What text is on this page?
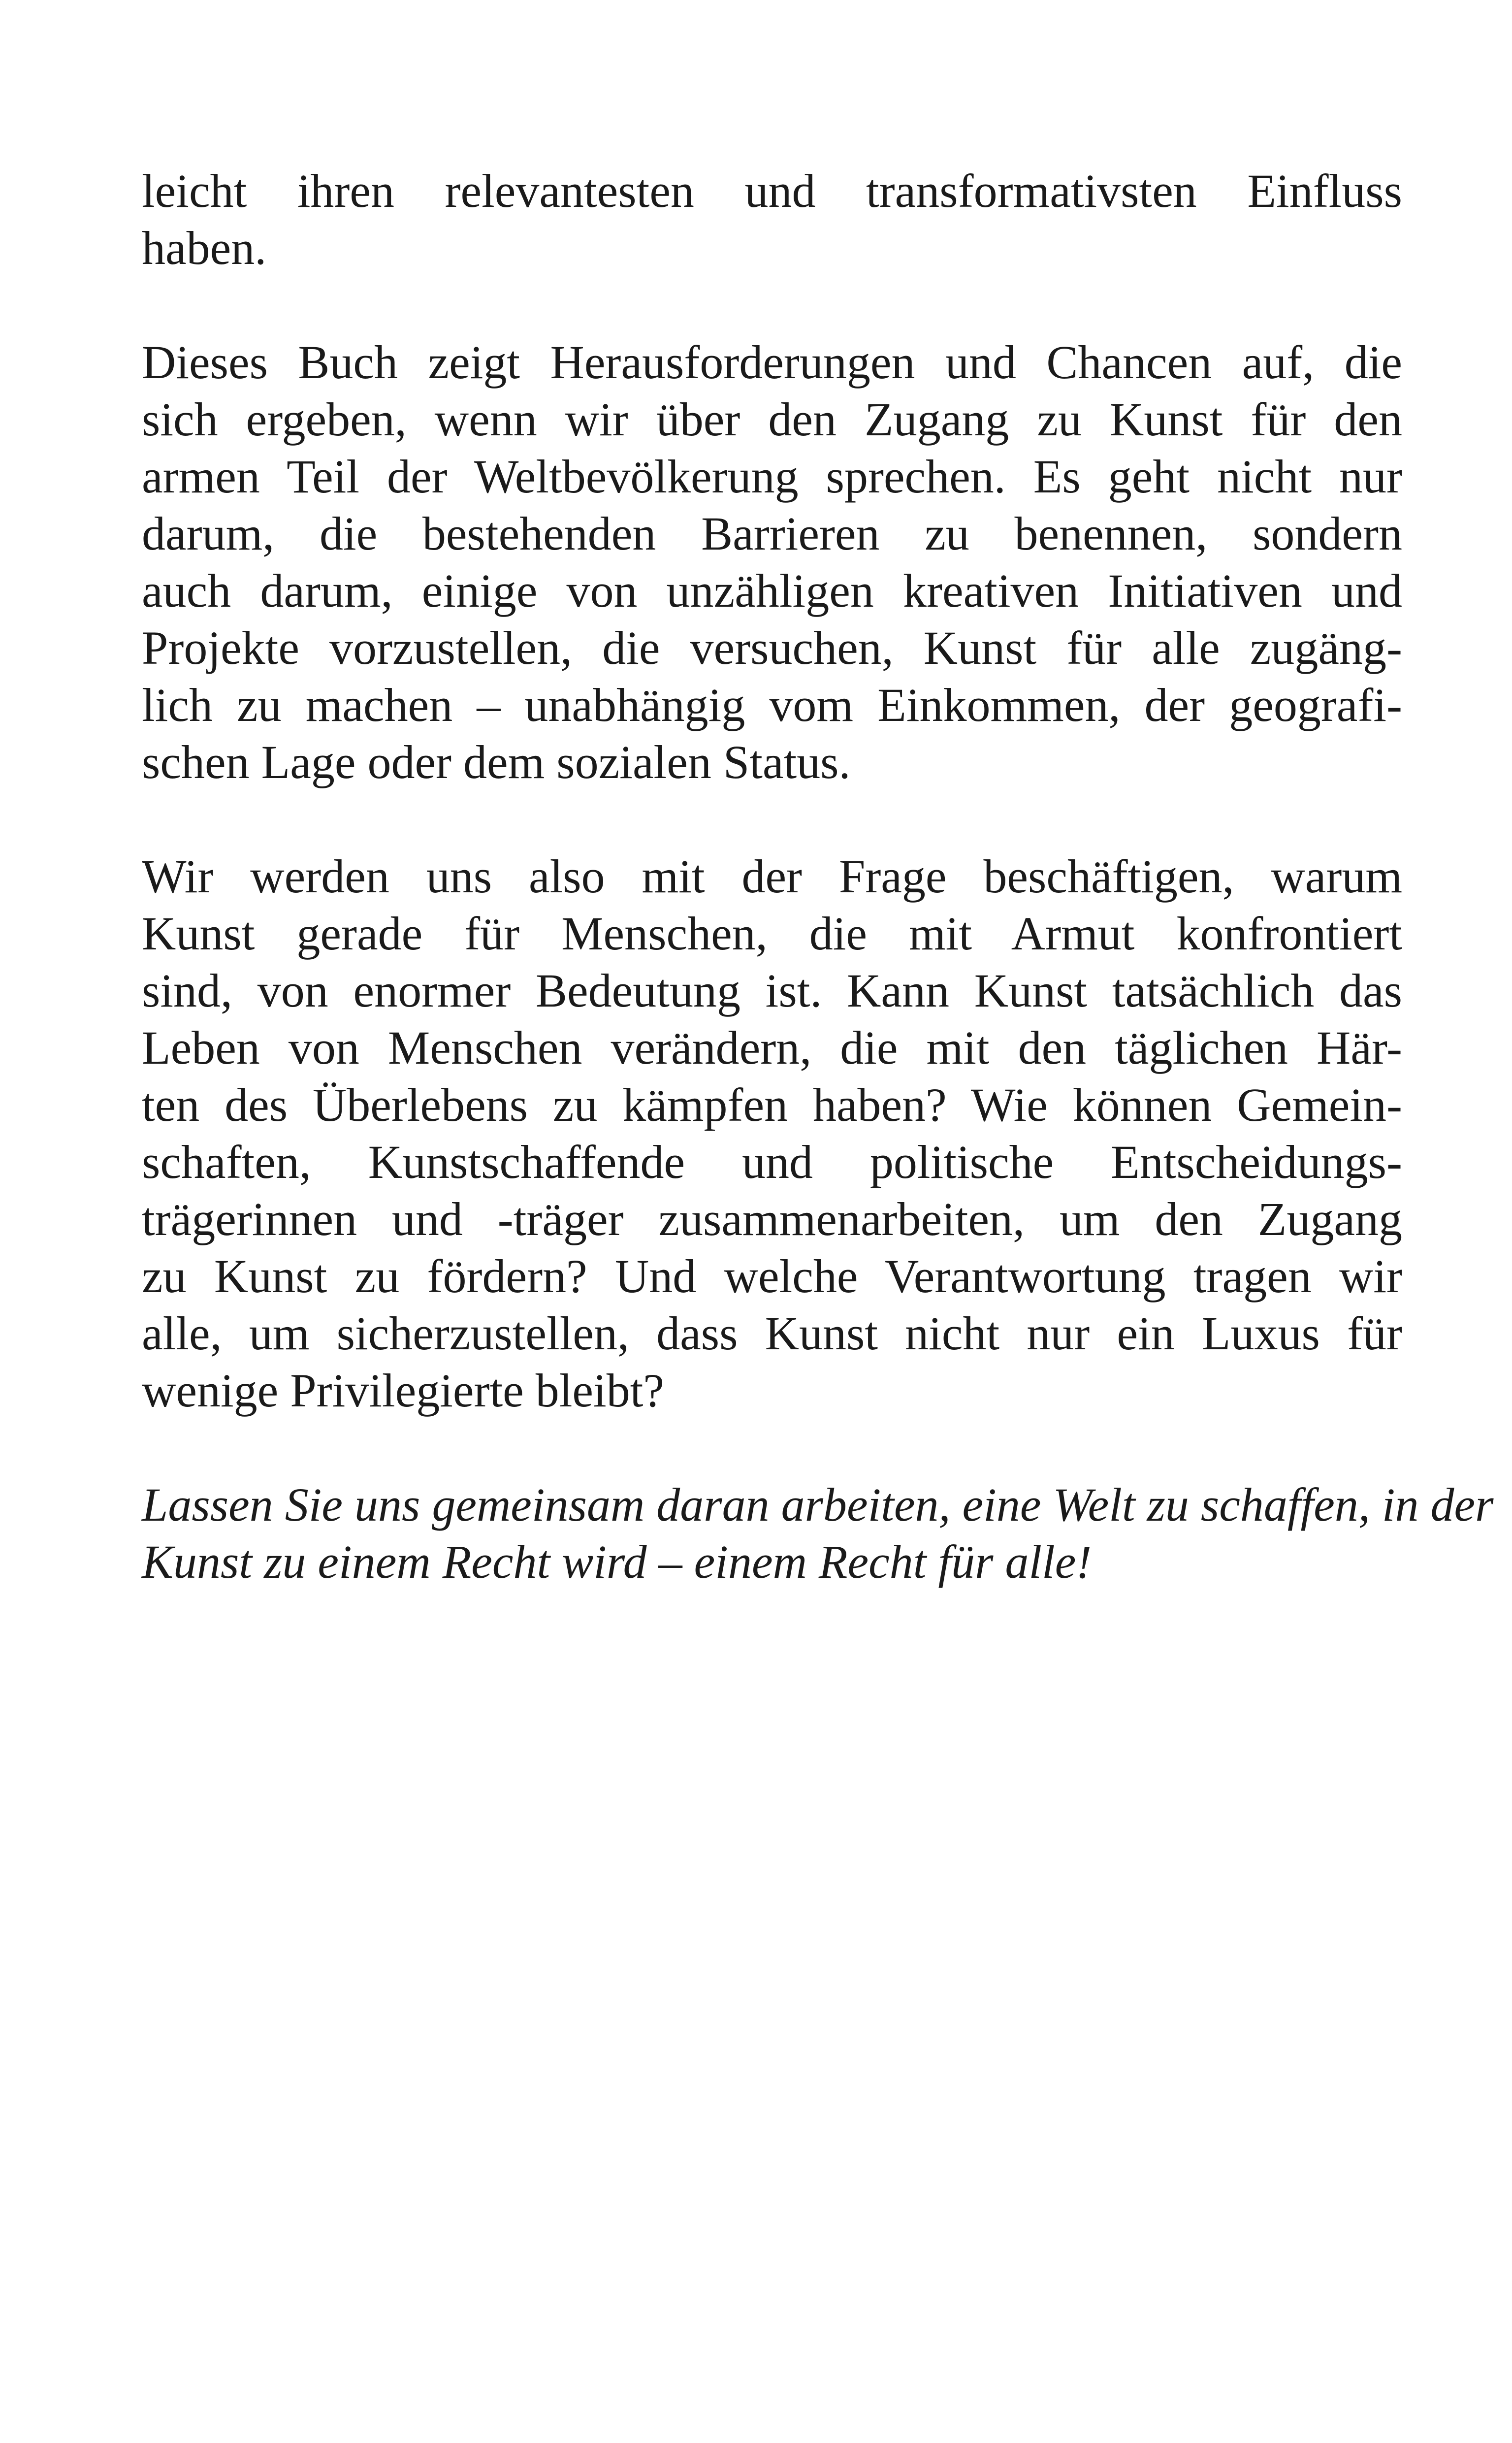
leicht ihren relevantesten und transformativsten Einfluss
haben.
Dieses Buch zeigt Herausforderungen und Chancen auf, die
sich ergeben, wenn wir über den Zugang zu Kunst für den
armen Teil der Weltbevölkerung sprechen. Es geht nicht nur
darum, die bestehenden Barrieren zu benennen, sondern
auch darum, einige von unzähligen kreativen Initiativen und
Projekte vorzustellen, die versuchen, Kunst für alle zugäng-
lich zu machen – unabhängig vom Einkommen, der geografi-
schen Lage oder dem sozialen Status.
Wir werden uns also mit der Frage beschäftigen, warum
Kunst gerade für Menschen, die mit Armut konfrontiert
sind, von enormer Bedeutung ist. Kann Kunst tatsächlich das
Leben von Menschen verändern, die mit den täglichen Här-
ten des Überlebens zu kämpfen haben? Wie können Gemein-
schaften, Kunstschaffende und politische Entscheidungs-
trägerinnen und -träger zusammenarbeiten, um den Zugang
zu Kunst zu fördern? Und welche Verantwortung tragen wir
alle, um sicherzustellen, dass Kunst nicht nur ein Luxus für
wenige Privilegierte bleibt?
Lassen Sie uns gemeinsam daran arbeiten, eine Welt zu schaffen, in der
Kunst zu einem Recht wird – einem Recht für alle!
